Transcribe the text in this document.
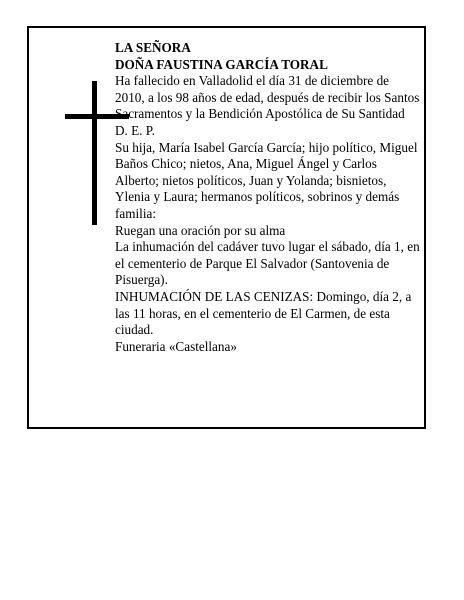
LA SEÑORA

DOÑA FAUSTINA GARCÍA TORAL

Ha fallecido en Valladolid el día 31 de diciembre de 2010, a los 98 años de edad, después de recibir los Santos Sacramentos y la Bendición Apostólica de Su Santidad

D. E. P.

Su hija, María Isabel García García; hijo político, Miguel Baños Chico; nietos, Ana, Miguel Ángel y Carlos Alberto; nietos políticos, Juan y Yolanda; bisnietos, Ylenia y Laura; hermanos políticos, sobrinos y demás familia:

Ruegan una oración por su alma

La inhumación del cadáver tuvo lugar el sábado, día 1, en el cementerio de Parque El Salvador (Santovenia de Pisuerga).

INHUMACIÓN DE LAS CENIZAS: Domingo, día 2, a las 11 horas, en el cementerio de El Carmen, de esta ciudad.

Funeraria «Castellana»
